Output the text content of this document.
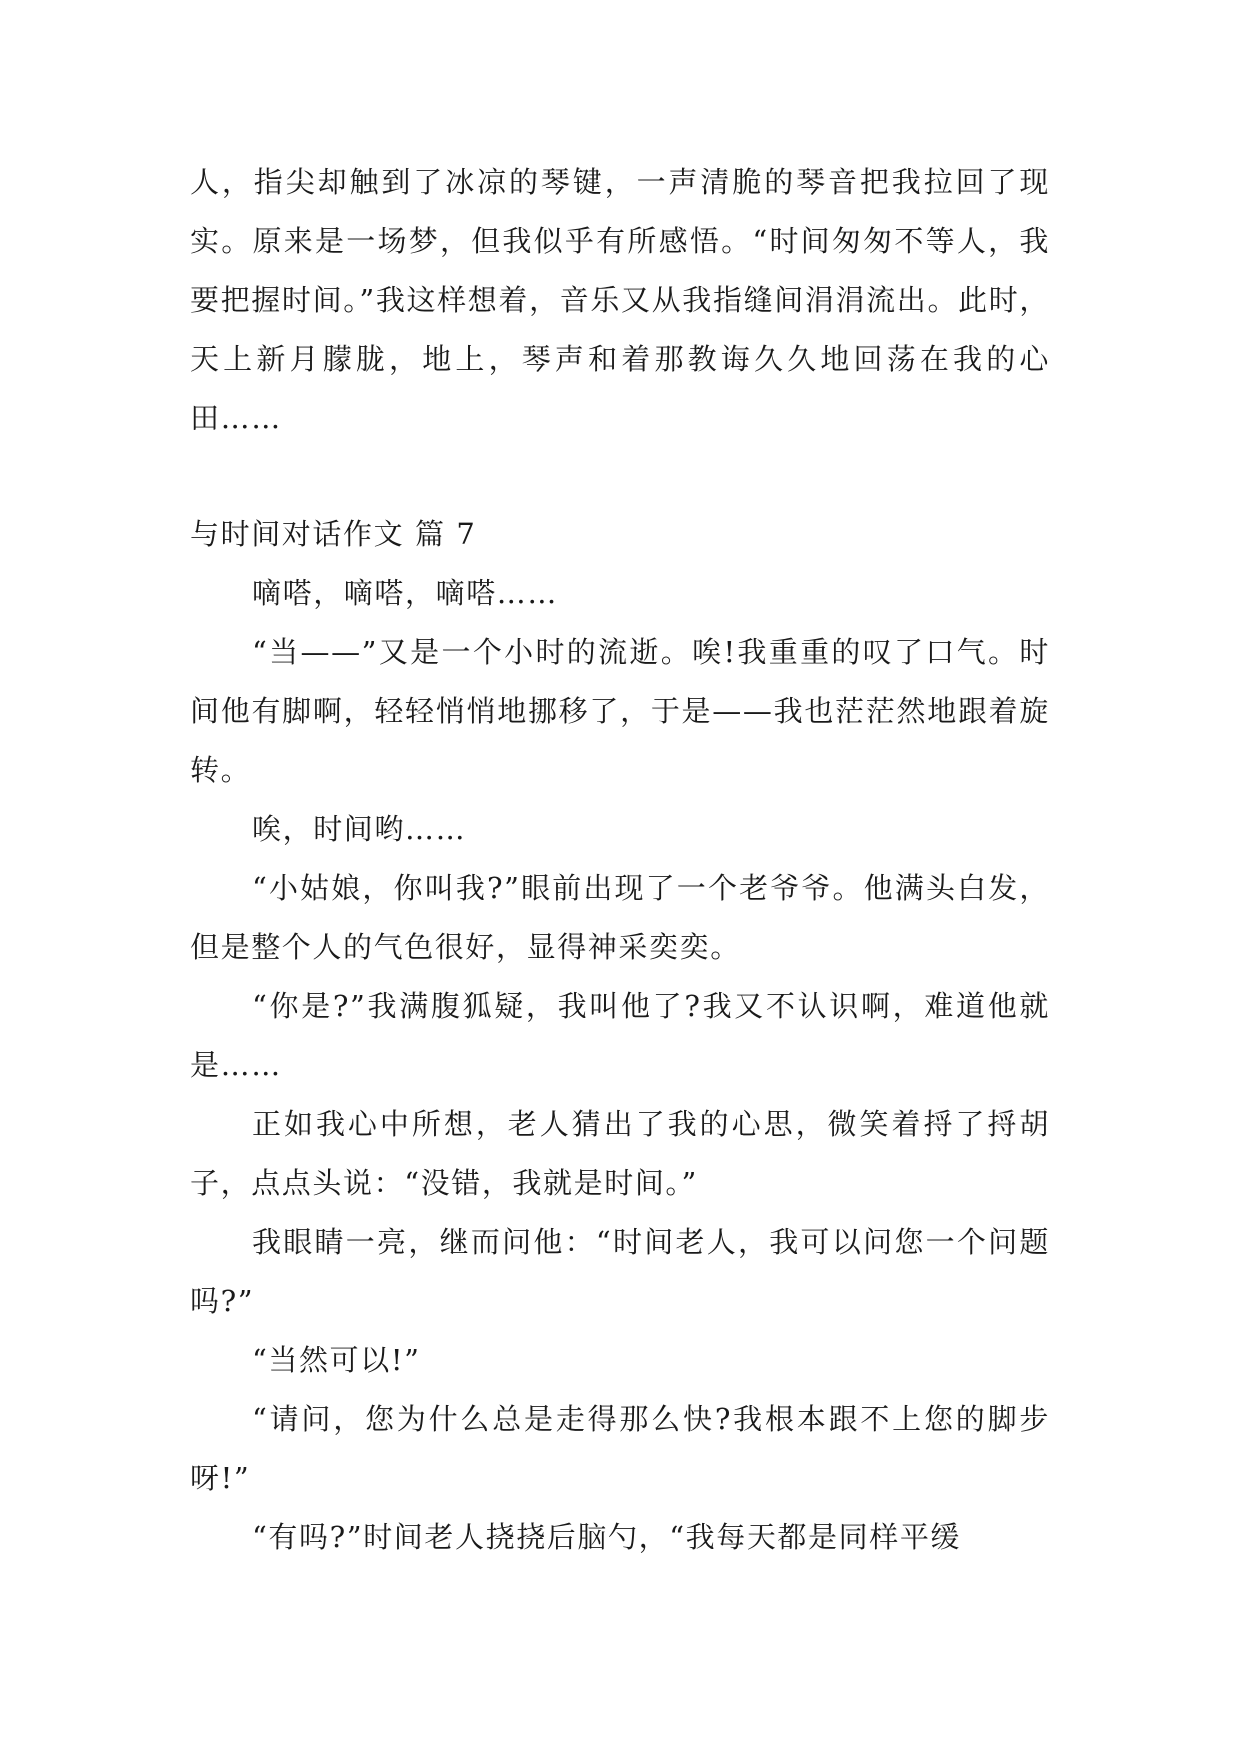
人，指尖却触到了冰凉的琴键，一声清脆的琴音把我拉回了现实。原来是一场梦，但我似乎有所感悟。“时间匆匆不等人，我要把握时间。”我这样想着，音乐又从我指缝间涓涓流出。此时，天上新月朦胧，地上，琴声和着那教诲久久地回荡在我的心田……

与时间对话作文 篇 7

嘀嗒，嘀嗒，嘀嗒……

“当——”又是一个小时的流逝。唉!我重重的叹了口气。时间他有脚啊，轻轻悄悄地挪移了，于是——我也茫茫然地跟着旋转。

唉，时间哟……

“小姑娘，你叫我?”眼前出现了一个老爷爷。他满头白发，但是整个人的气色很好，显得神采奕奕。

“你是?”我满腹狐疑，我叫他了?我又不认识啊，难道他就是……

正如我心中所想，老人猜出了我的心思，微笑着捋了捋胡子，点点头说：“没错，我就是时间。”

我眼睛一亮，继而问他：“时间老人，我可以问您一个问题吗?”

“当然可以!”

“请问，您为什么总是走得那么快?我根本跟不上您的脚步呀!”

“有吗?”时间老人挠挠后脑勺，“我每天都是同样平缓
